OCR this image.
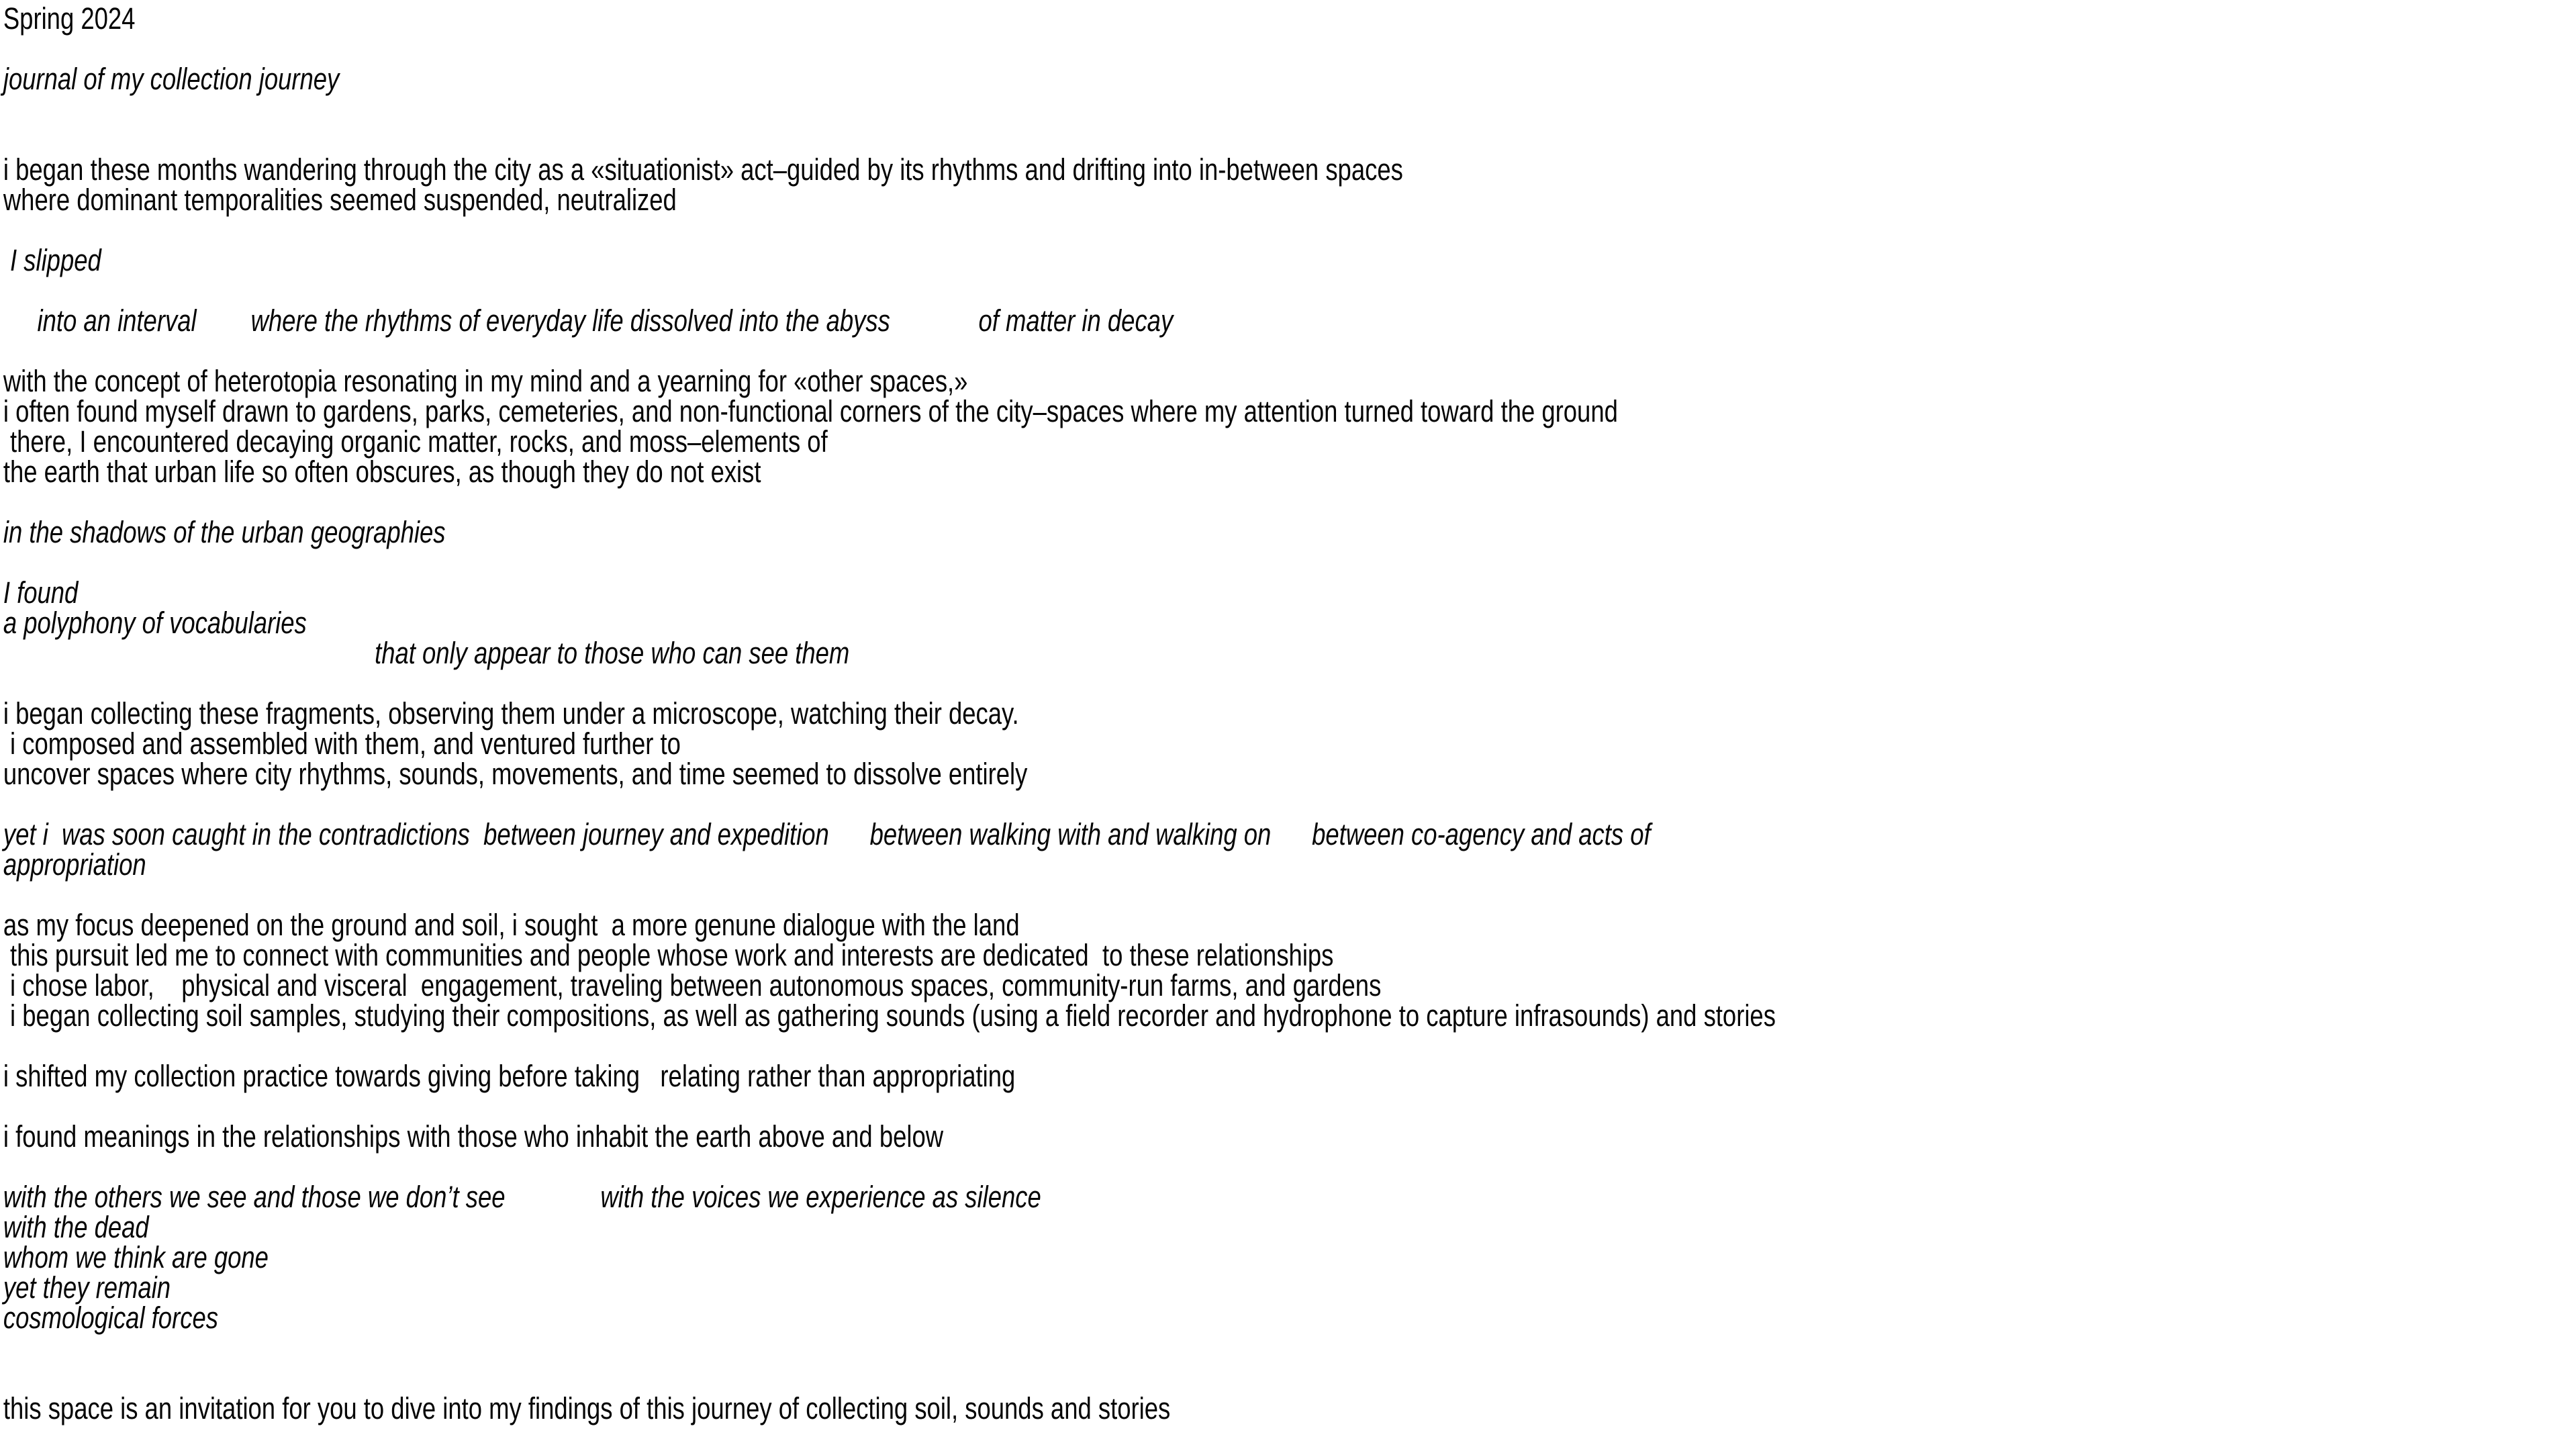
Spring 2024
journal of my collection journey
i began these months wandering through the city as a «situationist» act–guided by its rhythms and drifting into in-between spaces
where dominant temporalities seemed suspended, neutralized
I slipped
into an interval        where the rhythms of everyday life dissolved into the abyss             of matter in decay
with the concept of heterotopia resonating in my mind and a yearning for «other spaces,»
i often found myself drawn to gardens, parks, cemeteries, and non-functional corners of the city–spaces where my attention turned toward the ground
there, I encountered decaying organic matter, rocks, and moss–elements of
the earth that urban life so often obscures, as though they do not exist
in the shadows of the urban geographies
I found
a polyphony of vocabularies
that only appear to those who can see them
i began collecting these fragments, observing them under a microscope, watching their decay.
i composed and assembled with them, and ventured further to
uncover spaces where city rhythms, sounds, movements, and time seemed to dissolve entirely
yet i  was soon caught in the contradictions  between journey and expedition      between walking with and walking on      between co-agency and acts of
appropriation
as my focus deepened on the ground and soil, i sought  a more genune dialogue with the land
this pursuit led me to connect with communities and people whose work and interests are dedicated  to these relationships
i chose labor,    physical and visceral  engagement, traveling between autonomous spaces, community-run farms, and gardens
i began collecting soil samples, studying their compositions, as well as gathering sounds (using a field recorder and hydrophone to capture infrasounds) and stories
i shifted my collection practice towards giving before taking   relating rather than appropriating
i found meanings in the relationships with those who inhabit the earth above and below
with the others we see and those we don’t see              with the voices we experience as silence
with the dead
whom we think are gone
yet they remain
cosmological forces
this space is an invitation for you to dive into my findings of this journey of collecting soil, sounds and stories
